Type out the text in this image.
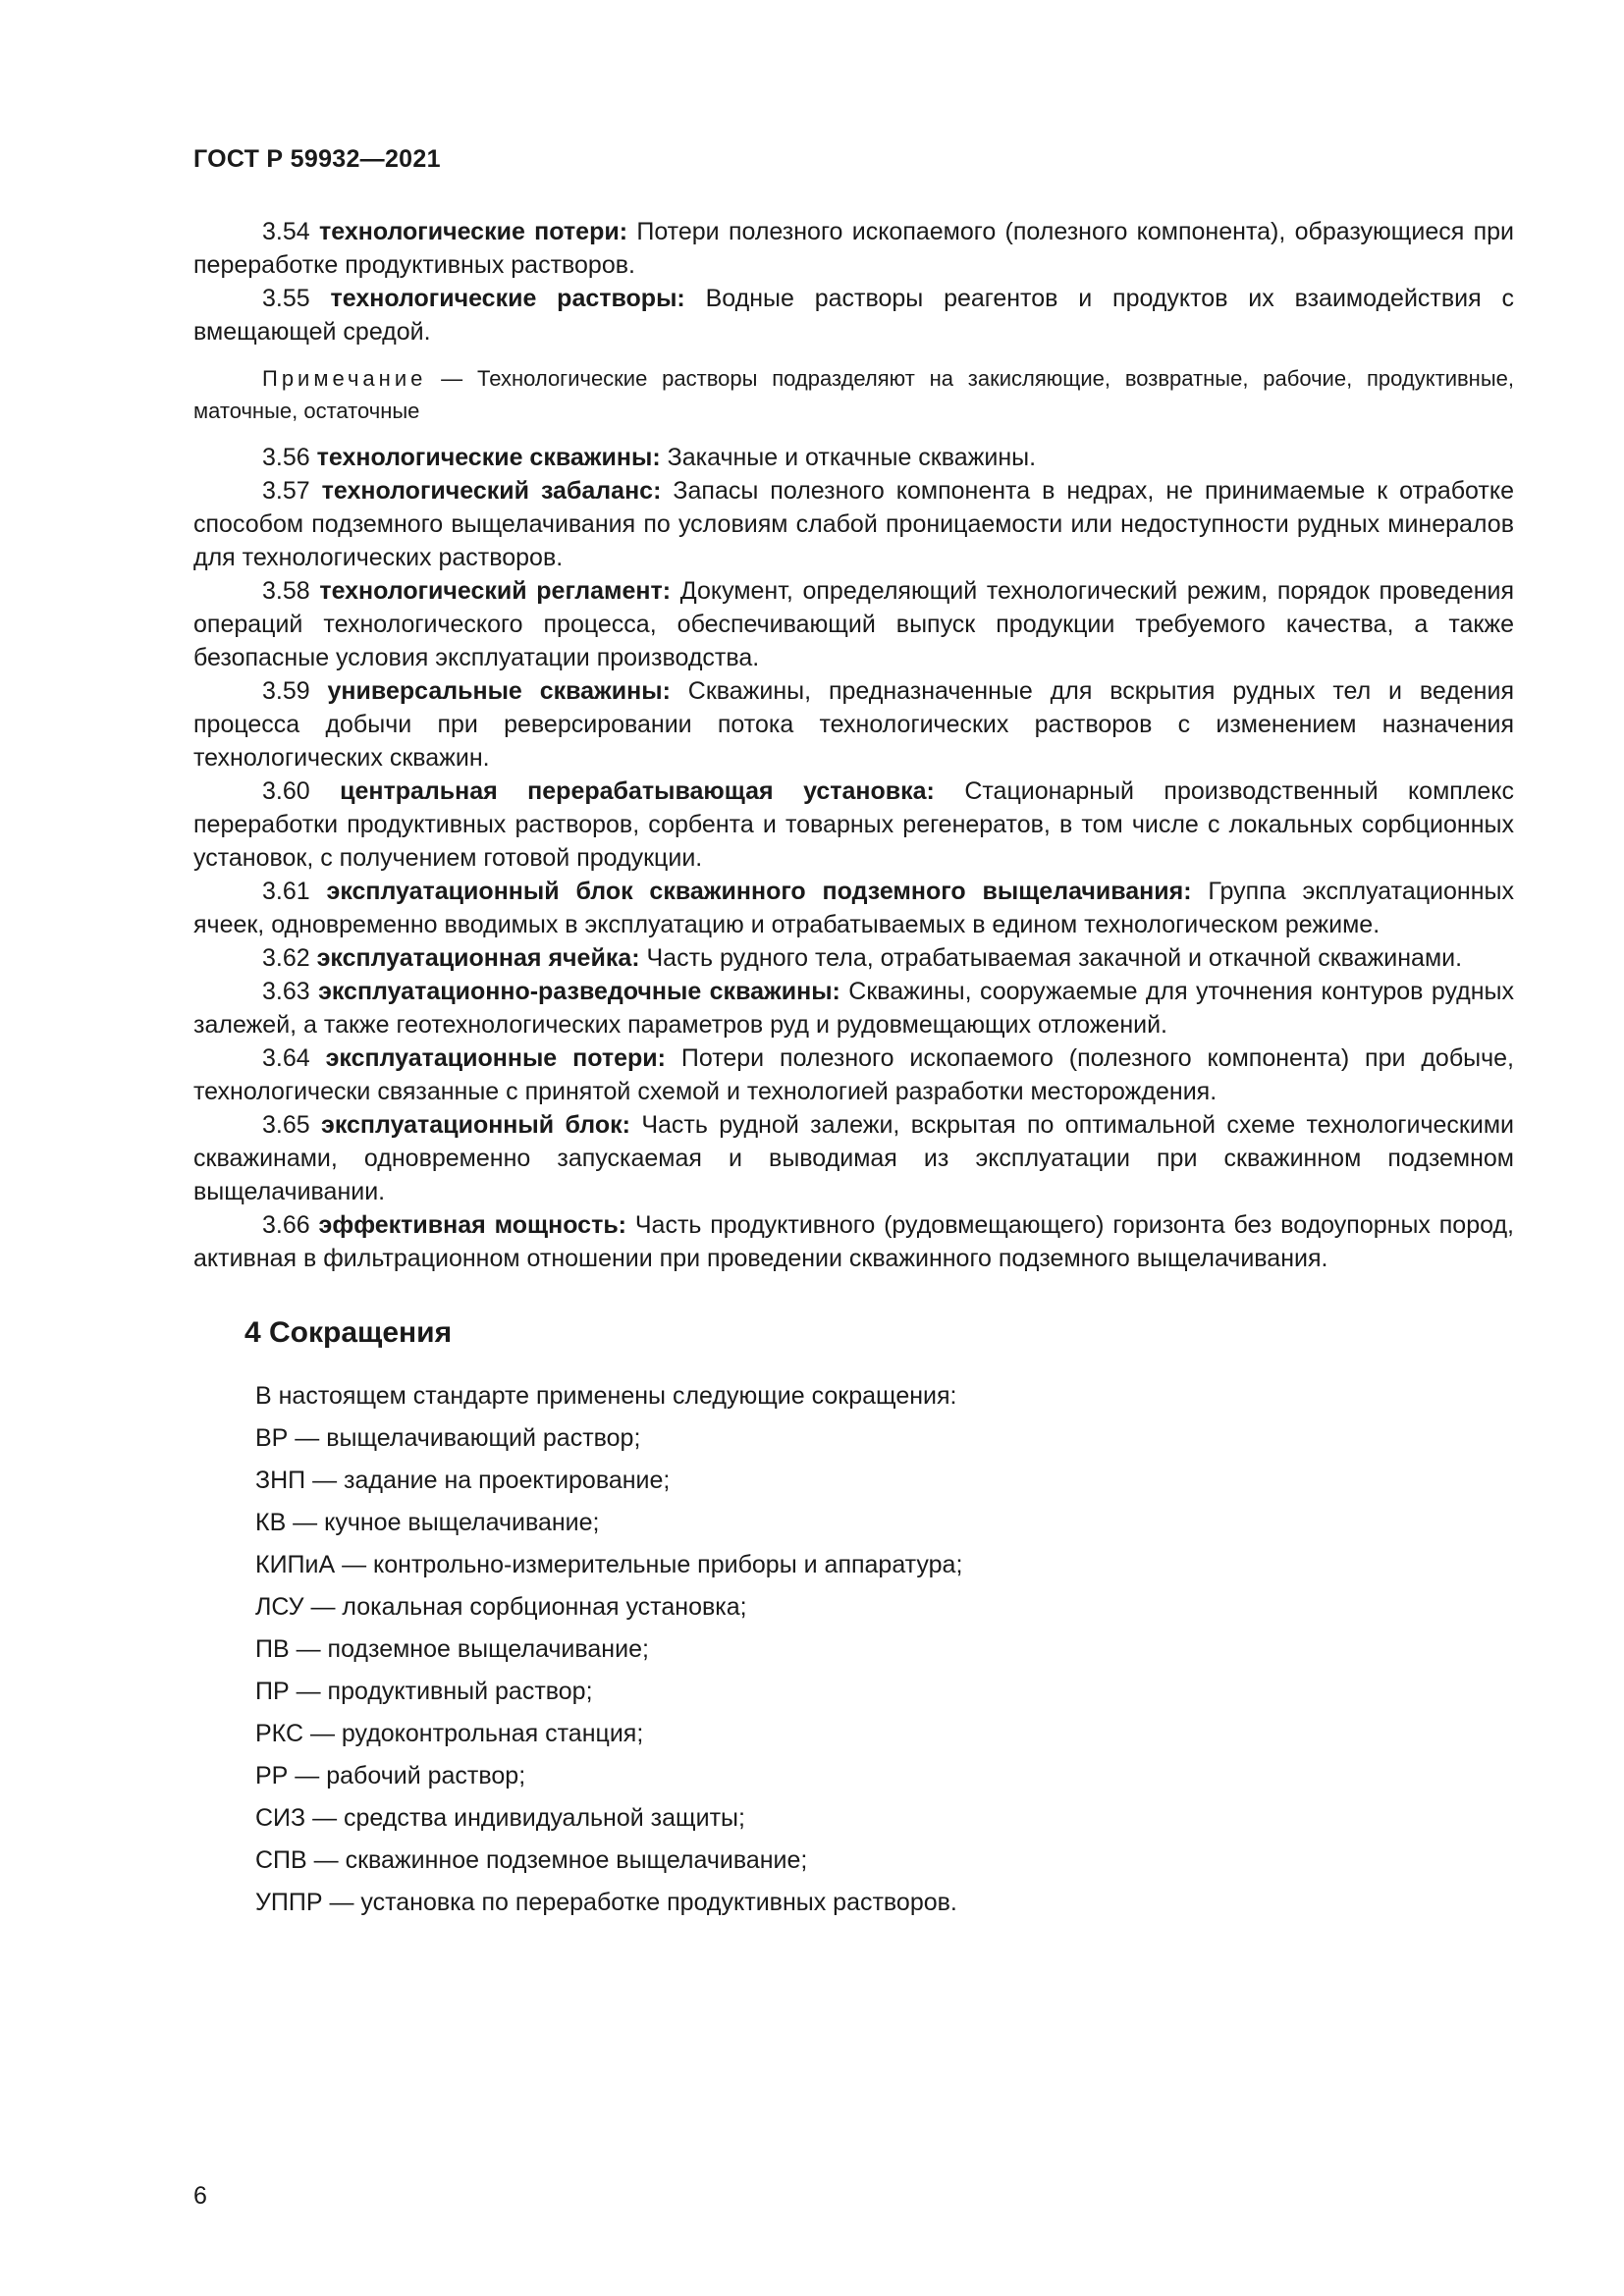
ГОСТ Р 59932—2021

3.54 технологические потери: Потери полезного ископаемого (полезного компонента), образующиеся при переработке продуктивных растворов.

3.55 технологические растворы: Водные растворы реагентов и продуктов их взаимодействия с вмещающей средой.

Примечание — Технологические растворы подразделяют на закисляющие, возвратные, рабочие, продуктивные, маточные, остаточные

3.56 технологические скважины: Закачные и откачные скважины.

3.57 технологический забаланс: Запасы полезного компонента в недрах, не принимаемые к отработке способом подземного выщелачивания по условиям слабой проницаемости или недоступности рудных минералов для технологических растворов.

3.58 технологический регламент: Документ, определяющий технологический режим, порядок проведения операций технологического процесса, обеспечивающий выпуск продукции требуемого качества, а также безопасные условия эксплуатации производства.

3.59 универсальные скважины: Скважины, предназначенные для вскрытия рудных тел и ведения процесса добычи при реверсировании потока технологических растворов с изменением назначения технологических скважин.

3.60 центральная перерабатывающая установка: Стационарный производственный комплекс переработки продуктивных растворов, сорбента и товарных регенератов, в том числе с локальных сорбционных установок, с получением готовой продукции.

3.61 эксплуатационный блок скважинного подземного выщелачивания: Группа эксплуатационных ячеек, одновременно вводимых в эксплуатацию и отрабатываемых в едином технологическом режиме.

3.62 эксплуатационная ячейка: Часть рудного тела, отрабатываемая закачной и откачной скважинами.

3.63 эксплуатационно-разведочные скважины: Скважины, сооружаемые для уточнения контуров рудных залежей, а также геотехнологических параметров руд и рудовмещающих отложений.

3.64 эксплуатационные потери: Потери полезного ископаемого (полезного компонента) при добыче, технологически связанные с принятой схемой и технологией разработки месторождения.

3.65 эксплуатационный блок: Часть рудной залежи, вскрытая по оптимальной схеме технологическими скважинами, одновременно запускаемая и выводимая из эксплуатации при скважинном подземном выщелачивании.

3.66 эффективная мощность: Часть продуктивного (рудовмещающего) горизонта без водоупорных пород, активная в фильтрационном отношении при проведении скважинного подземного выщелачивания.

4 Сокращения

В настоящем стандарте применены следующие сокращения:

ВР — выщелачивающий раствор;

ЗНП — задание на проектирование;

КВ — кучное выщелачивание;

КИПиА — контрольно-измерительные приборы и аппаратура;

ЛСУ — локальная сорбционная установка;

ПВ — подземное выщелачивание;

ПР — продуктивный раствор;

РКС — рудоконтрольная станция;

РР — рабочий раствор;

СИЗ — средства индивидуальной защиты;

СПВ — скважинное подземное выщелачивание;

УППР — установка по переработке продуктивных растворов.

6
